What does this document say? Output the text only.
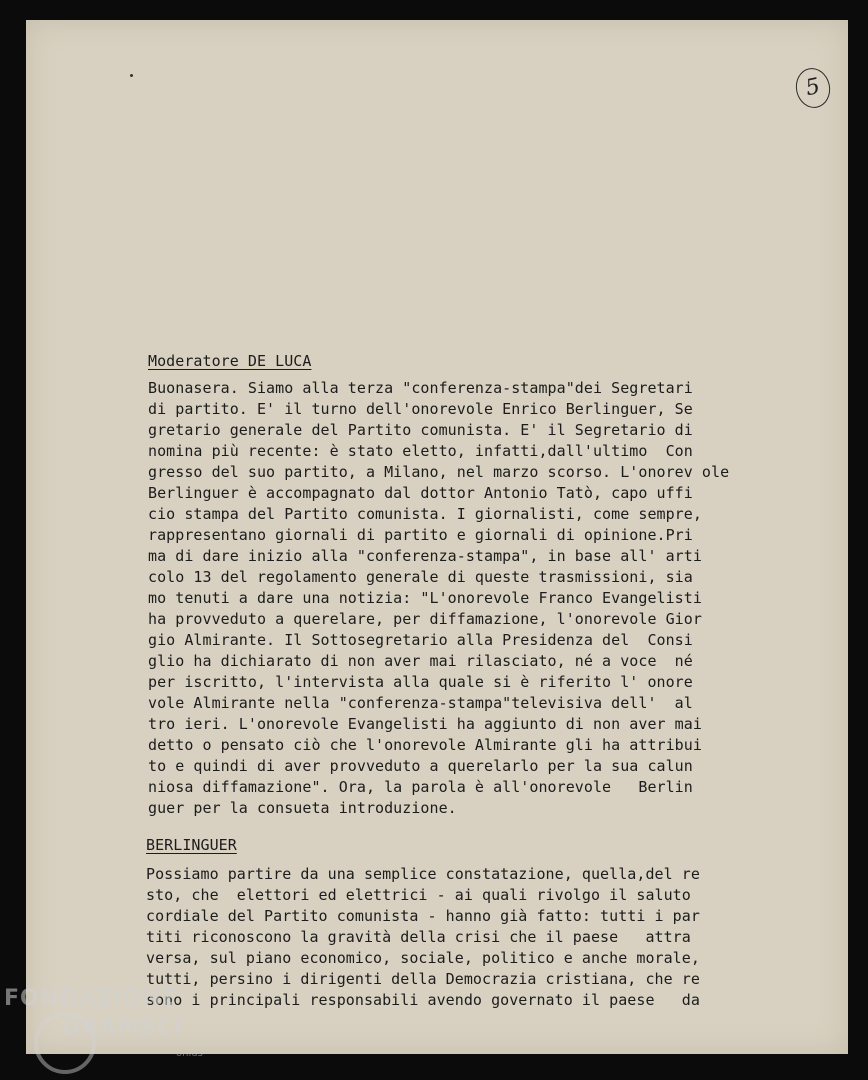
5
Moderatore DE LUCA
Buonasera. Siamo alla terza "conferenza-stampa"dei Segretari
di partito. E' il turno dell'onorevole Enrico Berlinguer, Se
gretario generale del Partito comunista. E' il Segretario di
nomina più recente: è stato eletto, infatti,dall'ultimo  Con
gresso del suo partito, a Milano, nel marzo scorso. L'onorev ole
Berlinguer è accompagnato dal dottor Antonio Tatò, capo uffi
cio stampa del Partito comunista. I giornalisti, come sempre,
rappresentano giornali di partito e giornali di opinione.Pri
ma di dare inizio alla "conferenza-stampa", in base all' arti
colo 13 del regolamento generale di queste trasmissioni, sia
mo tenuti a dare una notizia: "L'onorevole Franco Evangelisti
ha provveduto a querelare, per diffamazione, l'onorevole Gior
gio Almirante. Il Sottosegretario alla Presidenza del  Consi
glio ha dichiarato di non aver mai rilasciato, né a voce  né
per iscritto, l'intervista alla quale si è riferito l' onore
vole Almirante nella "conferenza-stampa"televisiva dell'  al
tro ieri. L'onorevole Evangelisti ha aggiunto di non aver mai
detto o pensato ciò che l'onorevole Almirante gli ha attribui
to e quindi di aver provveduto a querelarlo per la sua calun
niosa diffamazione". Ora, la parola è all'onorevole   Berlin
guer per la consueta introduzione.
BERLINGUER
Possiamo partire da una semplice constatazione, quella,del re
sto, che  elettori ed elettrici - ai quali rivolgo il saluto
cordiale del Partito comunista - hanno già fatto: tutti i par
titi riconoscono la gravità della crisi che il paese   attra
versa, sul piano economico, sociale, politico e anche morale,
tutti, persino i dirigenti della Democrazia cristiana, che re
sono i principali responsabili avendo governato il paese   da
FONDAZIONE
GRAMSCI
onlus
